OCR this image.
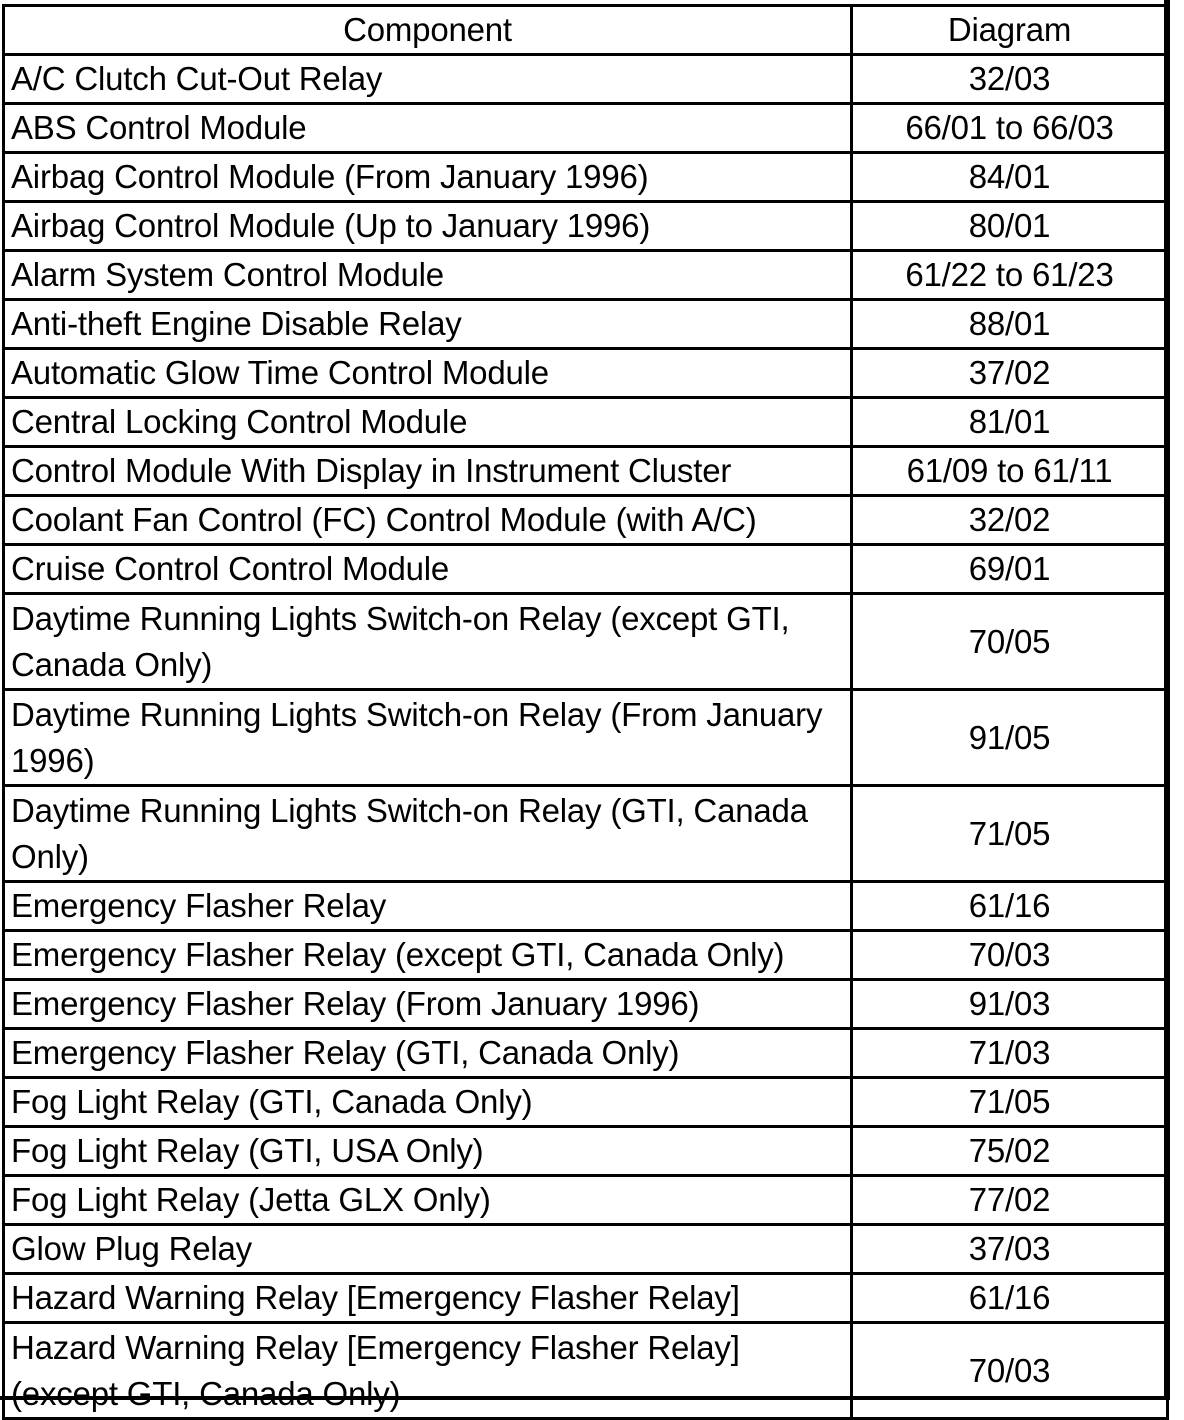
Component	Diagram
A/C Clutch Cut-Out Relay	32/03
ABS Control Module	66/01 to 66/03
Airbag Control Module (From January 1996)	84/01
Airbag Control Module (Up to January 1996)	80/01
Alarm System Control Module	61/22 to 61/23
Anti-theft Engine Disable Relay	88/01
Automatic Glow Time Control Module	37/02
Central Locking Control Module	81/01
Control Module With Display in Instrument Cluster	61/09 to 61/11
Coolant Fan Control (FC) Control Module (with A/C)	32/02
Cruise Control Control Module	69/01
Daytime Running Lights Switch-on Relay (except GTI, Canada Only)	70/05
Daytime Running Lights Switch-on Relay (From January 1996)	91/05
Daytime Running Lights Switch-on Relay (GTI, Canada Only)	71/05
Emergency Flasher Relay	61/16
Emergency Flasher Relay (except GTI, Canada Only)	70/03
Emergency Flasher Relay (From January 1996)	91/03
Emergency Flasher Relay (GTI, Canada Only)	71/03
Fog Light Relay (GTI, Canada Only)	71/05
Fog Light Relay (GTI, USA Only)	75/02
Fog Light Relay (Jetta GLX Only)	77/02
Glow Plug Relay	37/03
Hazard Warning Relay [Emergency Flasher Relay]	61/16
Hazard Warning Relay [Emergency Flasher Relay] (except GTI, Canada Only)	70/03
